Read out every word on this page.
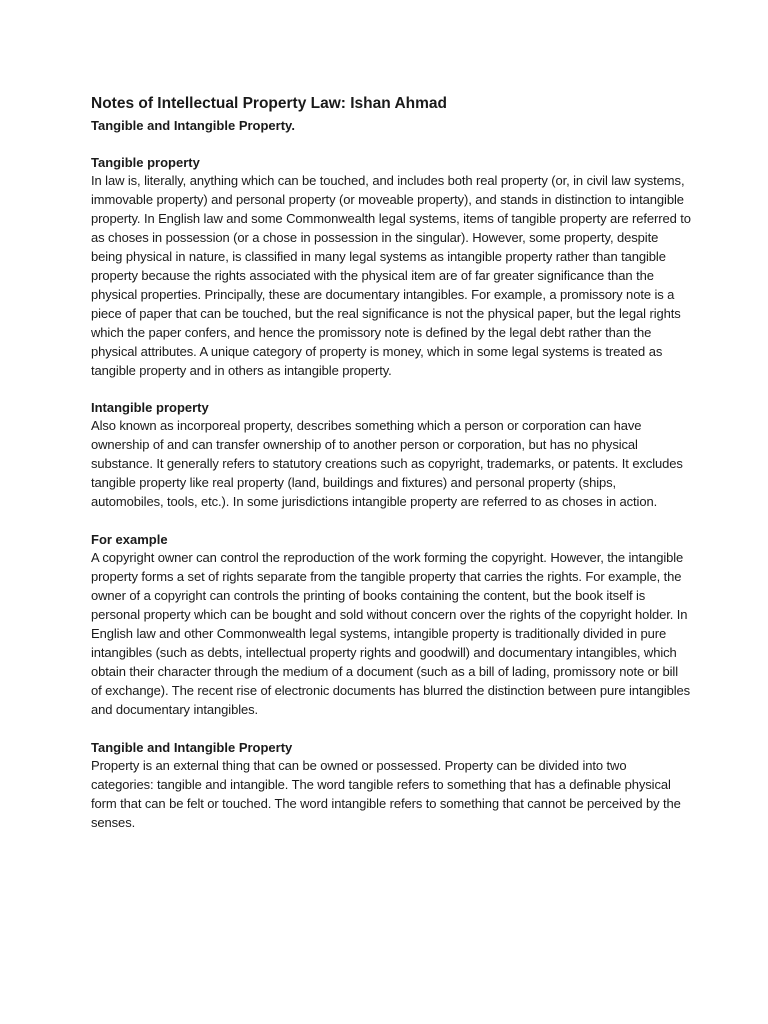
Notes of Intellectual Property Law: Ishan Ahmad

Tangible and Intangible Property.

Tangible property

In law is, literally, anything which can be touched, and includes both real property (or, in civil law systems, immovable property) and personal property (or moveable property), and stands in distinction to intangible property. In English law and some Commonwealth legal systems, items of tangible property are referred to as choses in possession (or a chose in possession in the singular). However, some property, despite being physical in nature, is classified in many legal systems as intangible property rather than tangible property because the rights associated with the physical item are of far greater significance than the physical properties. Principally, these are documentary intangibles. For example, a promissory note is a piece of paper that can be touched, but the real significance is not the physical paper, but the legal rights which the paper confers, and hence the promissory note is defined by the legal debt rather than the physical attributes. A unique category of property is money, which in some legal systems is treated as tangible property and in others as intangible property.

Intangible property

Also known as incorporeal property, describes something which a person or corporation can have ownership of and can transfer ownership of to another person or corporation, but has no physical substance. It generally refers to statutory creations such as copyright, trademarks, or patents. It excludes tangible property like real property (land, buildings and fixtures) and personal property (ships, automobiles, tools, etc.). In some jurisdictions intangible property are referred to as choses in action.

For example

A copyright owner can control the reproduction of the work forming the copyright. However, the intangible property forms a set of rights separate from the tangible property that carries the rights. For example, the owner of a copyright can controls the printing of books containing the content, but the book itself is personal property which can be bought and sold without concern over the rights of the copyright holder. In English law and other Commonwealth legal systems, intangible property is traditionally divided in pure intangibles (such as debts, intellectual property rights and goodwill) and documentary intangibles, which obtain their character through the medium of a document (such as a bill of lading, promissory note or bill of exchange). The recent rise of electronic documents has blurred the distinction between pure intangibles and documentary intangibles.

Tangible and Intangible Property

Property is an external thing that can be owned or possessed. Property can be divided into two categories: tangible and intangible. The word tangible refers to something that has a definable physical form that can be felt or touched. The word intangible refers to something that cannot be perceived by the senses.
